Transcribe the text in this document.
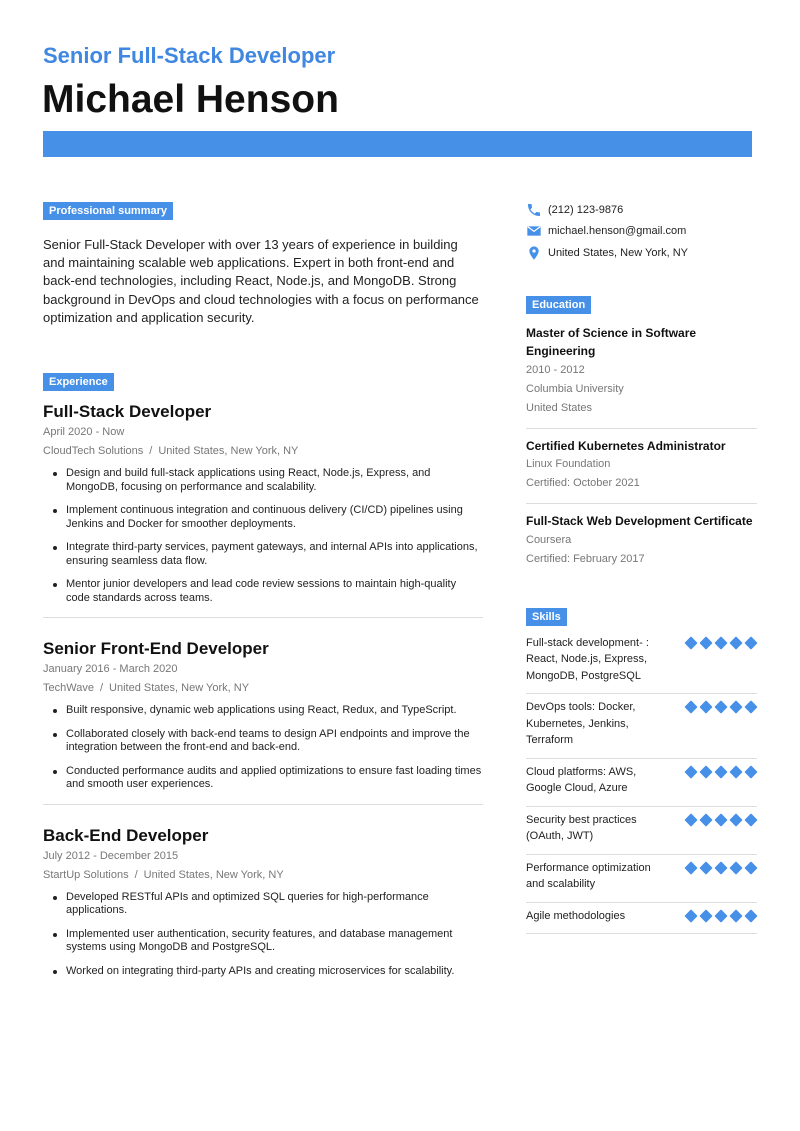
Senior Full-Stack Developer
Michael Henson
Professional summary

Senior Full-Stack Developer with over 13 years of experience in building and maintaining scalable web applications. Expert in both front-end and back-end technologies, including React, Node.js, and MongoDB. Strong background in DevOps and cloud technologies with a focus on performance optimization and application security.

Experience
Full-Stack Developer
April 2020 - Now
CloudTech Solutions / United States, New York, NY
Design and build full-stack applications using React, Node.js, Express, and MongoDB, focusing on performance and scalability.
Implement continuous integration and continuous delivery (CI/CD) pipelines using Jenkins and Docker for smoother deployments.
Integrate third-party services, payment gateways, and internal APIs into applications, ensuring seamless data flow.
Mentor junior developers and lead code review sessions to maintain high-quality code standards across teams.
Senior Front-End Developer
January 2016 - March 2020
TechWave / United States, New York, NY
Built responsive, dynamic web applications using React, Redux, and TypeScript.
Collaborated closely with back-end teams to design API endpoints and improve the integration between the front-end and back-end.
Conducted performance audits and applied optimizations to ensure fast loading times and smooth user experiences.
Back-End Developer
July 2012 - December 2015
StartUp Solutions / United States, New York, NY
Developed RESTful APIs and optimized SQL queries for high-performance applications.
Implemented user authentication, security features, and database management systems using MongoDB and PostgreSQL.
Worked on integrating third-party APIs and creating microservices for scalability.
(212) 123-9876
michael.henson@gmail.com
United States, New York, NY
Education
Master of Science in Software Engineering
2010 - 2012
Columbia University
United States
Certified Kubernetes Administrator
Linux Foundation
Certified: October 2021
Full-Stack Web Development Certificate
Coursera
Certified: February 2017
Skills
Full-stack development- : React, Node.js, Express, MongoDB, PostgreSQL
DevOps tools: Docker, Kubernetes, Jenkins, Terraform
Cloud platforms: AWS, Google Cloud, Azure
Security best practices (OAuth, JWT)
Performance optimization and scalability
Agile methodologies
